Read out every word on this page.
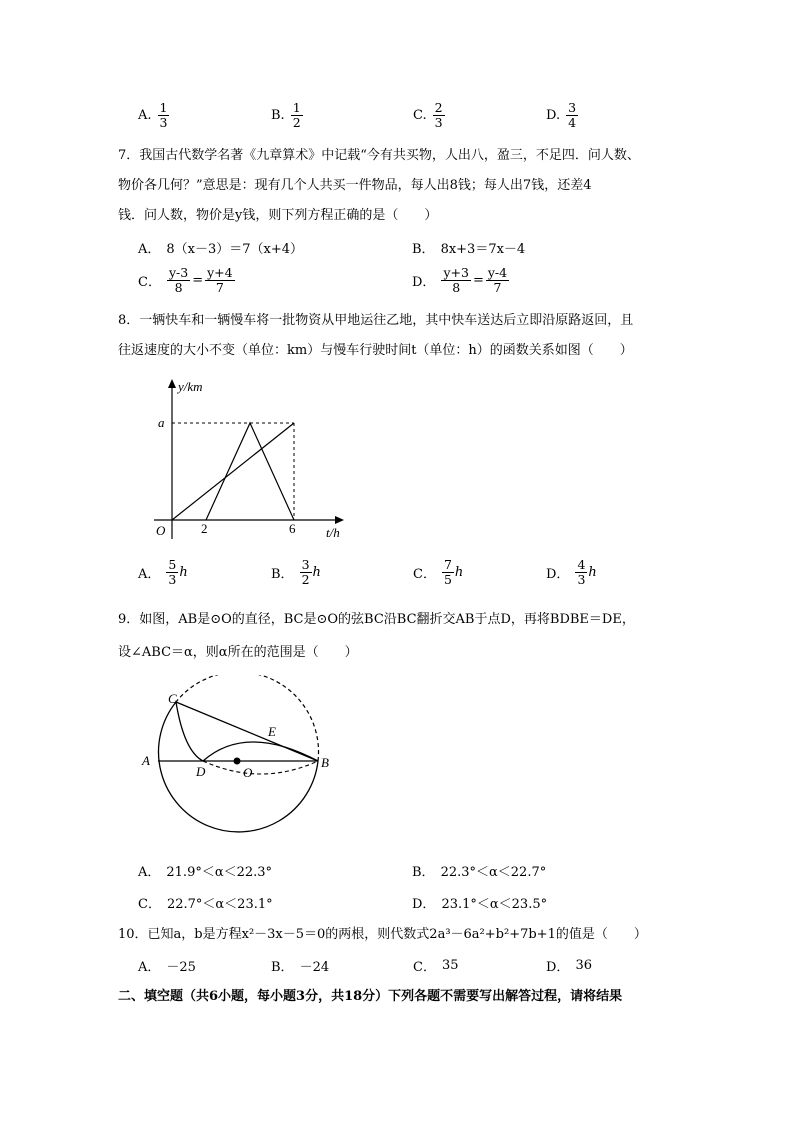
A. $\frac{1}{3}$	B. $\frac{1}{2}$	C. $\frac{2}{3}$	D. $\frac{3}{4}$
7．我国古代数学名著《九章算术》中记载“今有共买物，人出八，盈三，不足四．问人数、
物价各几何？”意思是：现有几个人共买一件物品，每人出8钱；每人出7钱，还差4
钱．问人数，物价是y钱，则下列方程正确的是（　　）
A． 8（x－3）＝7（x+4）	B． 8x+3＝7x－4
C． $\frac{y-3}{8} = \frac{y+4}{7}$	D． $\frac{y+3}{8} = \frac{y-4}{7}$
8．一辆快车和一辆慢车将一批物资从甲地运往乙地，其中快车送达后立即沿原路返回，且
往返速度的大小不变（单位：km）与慢车行驶时间t（单位：h）的函数关系如图（　　）
y/km
a
O	2	6 t/h
A． $\frac{5}{3}$ h	B． $\frac{3}{2}$ h	C． $\frac{7}{5}$ h	D． $\frac{4}{3}$ h
9．如图，AB是⊙O的直径，BC是⊙O的弦BC沿BC翻折交AB于点D，再将BDBE＝DE，
设∠ABC＝α，则α所在的范围是（　　）
C
E
A
D	O
B
A． 21.9°＜α＜22.3°	B． 22.3°＜α＜22.7°
C． 22.7°＜α＜23.1°	D． 23.1°＜α＜23.5°
10．已知a，b是方程x²－3x－5＝0的两根，则代数式2a³－6a²+b²+7b+1的值是（　　）
A． －25	B． －24	C． 35	D． 36
二、填空题（共6小题，每小题3分，共18分）下列各题不需要写出解答过程，请将结果
